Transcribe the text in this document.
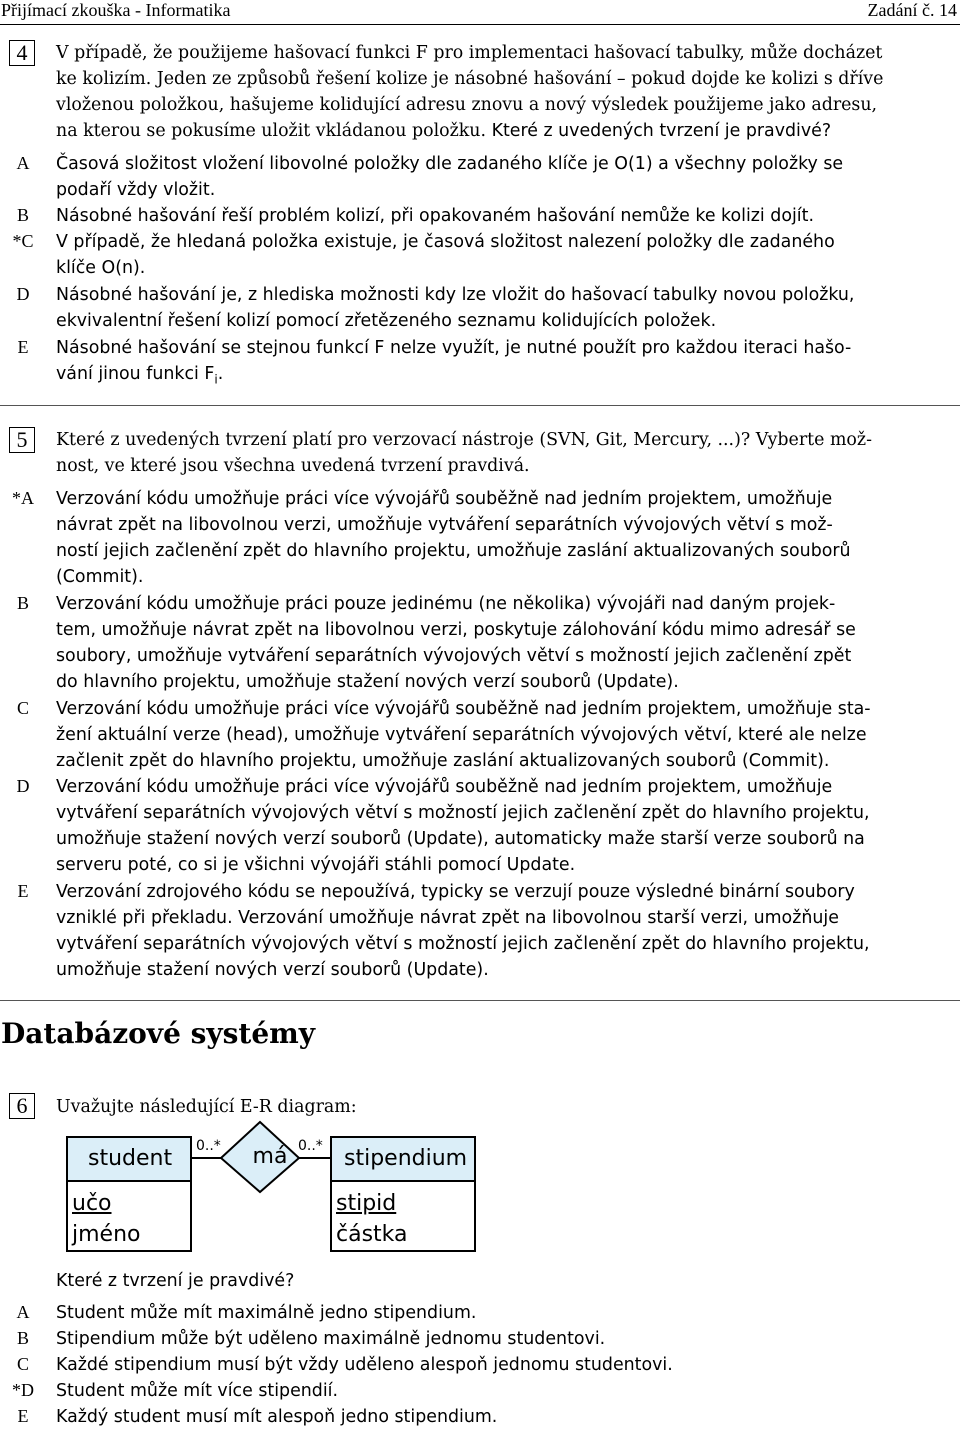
Přijímací zkouška - Informatika	Zadání č. 14
4	V případě, že použijeme hašovací funkci F pro implementaci hašovací tabulky, může docházet
ke kolizím. Jeden ze způsobů řešení kolize je násobné hašování – pokud dojde ke kolizi s dříve
vloženou položkou, hašujeme kolidující adresu znovu a nový výsledek použijeme jako adresu,
na kterou se pokusíme uložit vkládanou položku. Které z uvedených tvrzení je pravdivé?
A	Časová složitost vložení libovolné položky dle zadaného klíče je O(1) a všechny položky se
podaří vždy vložit.
B	Násobné hašování řeší problém kolizí, při opakovaném hašování nemůže ke kolizi dojít.
*C	V případě, že hledaná položka existuje, je časová složitost nalezení položky dle zadaného
klíče O(n).
D	Násobné hašování je, z hlediska možnosti kdy lze vložit do hašovací tabulky novou položku,
ekvivalentní řešení kolizí pomocí zřetězeného seznamu kolidujících položek.
E	Násobné hašování se stejnou funkcí F nelze využít, je nutné použít pro každou iteraci hašo-
vání jinou funkci $F_i$.
5	Které z uvedených tvrzení platí pro verzovací nástroje (SVN, Git, Mercury, ...)? Vyberte mož-
nost, ve které jsou všechna uvedená tvrzení pravdivá.
*A	Verzování kódu umožňuje práci více vývojářů souběžně nad jedním projektem, umožňuje
návrat zpět na libovolnou verzi, umožňuje vytváření separátních vývojových větví s mož-
ností jejich začlenění zpět do hlavního projektu, umožňuje zaslání aktualizovaných souborů
(Commit).
B	Verzování kódu umožňuje práci pouze jedinému (ne několika) vývojáři nad daným projek-
tem, umožňuje návrat zpět na libovolnou verzi, poskytuje zálohování kódu mimo adresář se
soubory, umožňuje vytváření separátních vývojových větví s možností jejich začlenění zpět
do hlavního projektu, umožňuje stažení nových verzí souborů (Update).
C	Verzování kódu umožňuje práci více vývojářů souběžně nad jedním projektem, umožňuje sta-
žení aktuální verze (head), umožňuje vytváření separátních vývojových větví, které ale nelze
začlenit zpět do hlavního projektu, umožňuje zaslání aktualizovaných souborů (Commit).
D	Verzování kódu umožňuje práci více vývojářů souběžně nad jedním projektem, umožňuje
vytváření separátních vývojových větví s možností jejich začlenění zpět do hlavního projektu,
umožňuje stažení nových verzí souborů (Update), automaticky maže starší verze souborů na
serveru poté, co si je všichni vývojáři stáhli pomocí Update.
E	Verzování zdrojového kódu se nepoužívá, typicky se verzují pouze výsledné binární soubory
vzniklé při překladu. Verzování umožňuje návrat zpět na libovolnou starší verzi, umožňuje
vytváření separátních vývojových větví s možností jejich začlenění zpět do hlavního projektu,
umožňuje stažení nových verzí souborů (Update).
Databázové systémy
6	Uvažujte následující E-R diagram:
student
učo
jméno
má
0..*	0..* stipendium
stipid
částka
Které z tvrzení je pravdivé?
A	Student může mít maximálně jedno stipendium.
B	Stipendium může být uděleno maximálně jednomu studentovi.
C	Každé stipendium musí být vždy uděleno alespoň jednomu studentovi.
*D	Student může mít více stipendií.
E	Každý student musí mít alespoň jedno stipendium.
